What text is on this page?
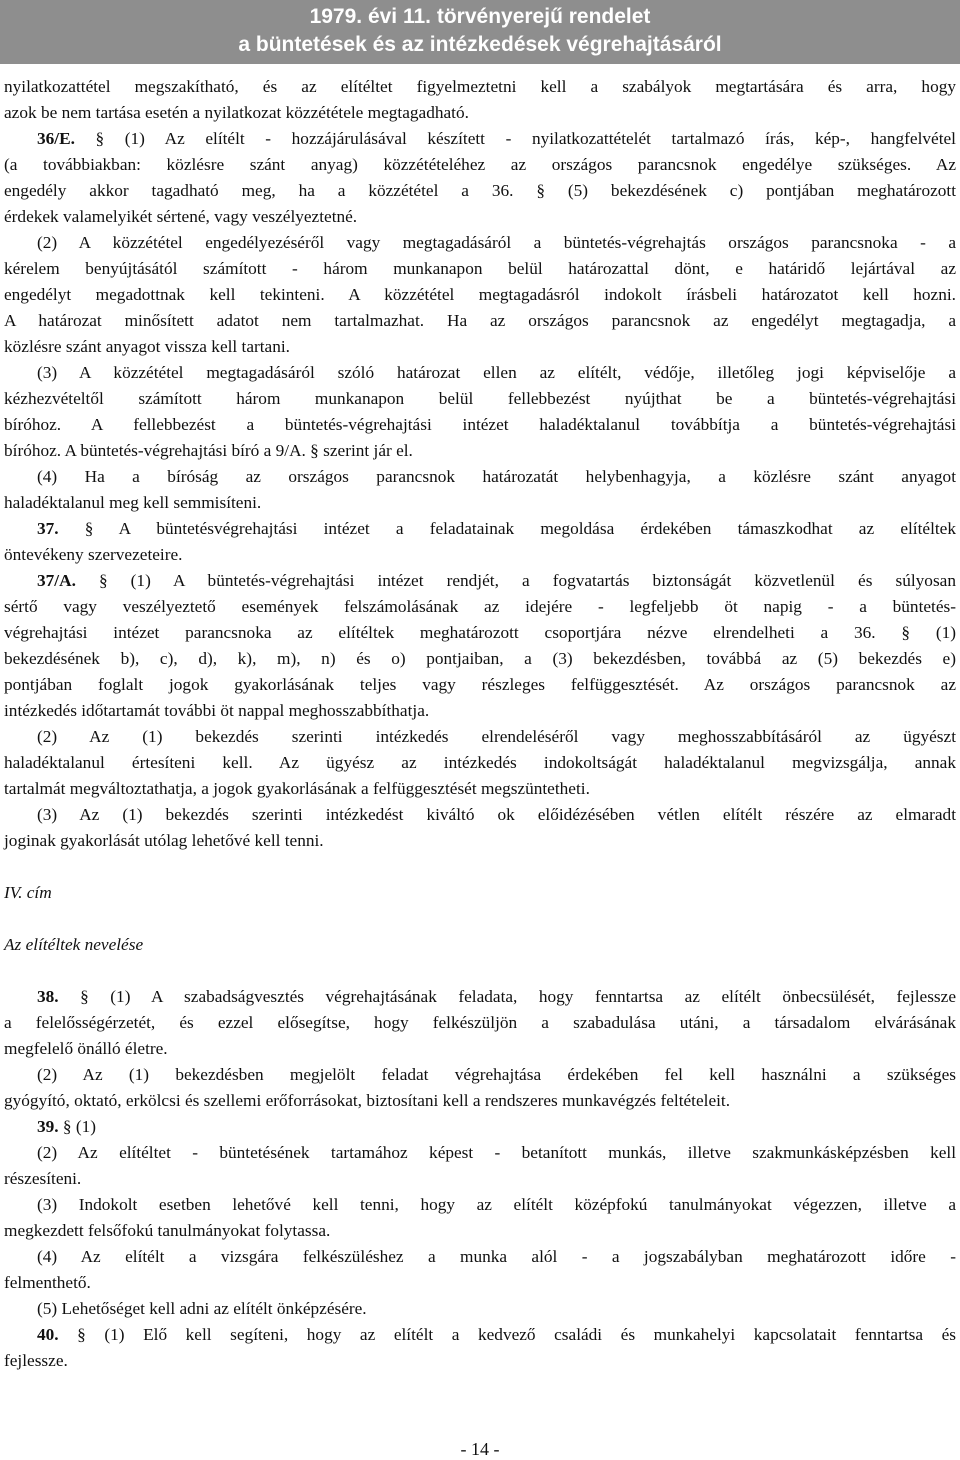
1979. évi 11. törvényerejű rendelet
a büntetések és az intézkedések végrehajtásáról
nyilatkozattétel megszakítható, és az elítéltet figyelmeztetni kell a szabályok megtartására és arra, hogy
azok be nem tartása esetén a nyilatkozat közzététele megtagadható.
36/E. § (1) Az elítélt - hozzájárulásával készített - nyilatkozattételét tartalmazó írás, kép-, hangfelvétel
(a továbbiakban: közlésre szánt anyag) közzétételéhez az országos parancsnok engedélye szükséges. Az
engedély akkor tagadható meg, ha a közzététel a 36. § (5) bekezdésének c) pontjában meghatározott
érdekek valamelyikét sértené, vagy veszélyeztetné.
(2) A közzététel engedélyezéséről vagy megtagadásáról a büntetés-végrehajtás országos parancsnoka - a
kérelem benyújtásától számított - három munkanapon belül határozattal dönt, e határidő lejártával az
engedélyt megadottnak kell tekinteni. A közzététel megtagadásról indokolt írásbeli határozatot kell hozni.
A határozat minősített adatot nem tartalmazhat. Ha az országos parancsnok az engedélyt megtagadja, a
közlésre szánt anyagot vissza kell tartani.
(3) A közzététel megtagadásáról szóló határozat ellen az elítélt, védője, illetőleg jogi képviselője a
kézhezvételtől számított három munkanapon belül fellebbezést nyújthat be a büntetés-végrehajtási
bíróhoz. A fellebbezést a büntetés-végrehajtási intézet haladéktalanul továbbítja a büntetés-végrehajtási
bíróhoz. A büntetés-végrehajtási bíró a 9/A. § szerint jár el.
(4) Ha a bíróság az országos parancsnok határozatát helybenhagyja, a közlésre szánt anyagot
haladéktalanul meg kell semmisíteni.
37. § A büntetésvégrehajtási intézet a feladatainak megoldása érdekében támaszkodhat az elítéltek
öntevékeny szervezeteire.
37/A. § (1) A büntetés-végrehajtási intézet rendjét, a fogvatartás biztonságát közvetlenül és súlyosan
sértő vagy veszélyeztető események felszámolásának az idejére - legfeljebb öt napig - a büntetés-
végrehajtási intézet parancsnoka az elítéltek meghatározott csoportjára nézve elrendelheti a 36. § (1)
bekezdésének b), c), d), k), m), n) és o) pontjaiban, a (3) bekezdésben, továbbá az (5) bekezdés e)
pontjában foglalt jogok gyakorlásának teljes vagy részleges felfüggesztését. Az országos parancsnok az
intézkedés időtartamát további öt nappal meghosszabbíthatja.
(2) Az (1) bekezdés szerinti intézkedés elrendeléséről vagy meghosszabbításáról az ügyészt
haladéktalanul értesíteni kell. Az ügyész az intézkedés indokoltságát haladéktalanul megvizsgálja, annak
tartalmát megváltoztathatja, a jogok gyakorlásának a felfüggesztését megszüntetheti.
(3) Az (1) bekezdés szerinti intézkedést kiváltó ok előidézésében vétlen elítélt részére az elmaradt
joginak gyakorlását utólag lehetővé kell tenni.
IV. cím
Az elítéltek nevelése
38. § (1) A szabadságvesztés végrehajtásának feladata, hogy fenntartsa az elítélt önbecsülését, fejlessze
a felelősségérzetét, és ezzel elősegítse, hogy felkészüljön a szabadulása utáni, a társadalom elvárásának
megfelelő önálló életre.
(2) Az (1) bekezdésben megjelölt feladat végrehajtása érdekében fel kell használni a szükséges
gyógyító, oktató, erkölcsi és szellemi erőforrásokat, biztosítani kell a rendszeres munkavégzés feltételeit.
39. § (1)
(2) Az elítéltet - büntetésének tartamához képest - betanított munkás, illetve szakmunkásképzésben kell
részesíteni.
(3) Indokolt esetben lehetővé kell tenni, hogy az elítélt középfokú tanulmányokat végezzen, illetve a
megkezdett felsőfokú tanulmányokat folytassa.
(4) Az elítélt a vizsgára felkészüléshez a munka alól - a jogszabályban meghatározott időre -
felmenthető.
(5) Lehetőséget kell adni az elítélt önképzésére.
40. § (1) Elő kell segíteni, hogy az elítélt a kedvező családi és munkahelyi kapcsolatait fenntartsa és
fejlessze.
- 14 -
